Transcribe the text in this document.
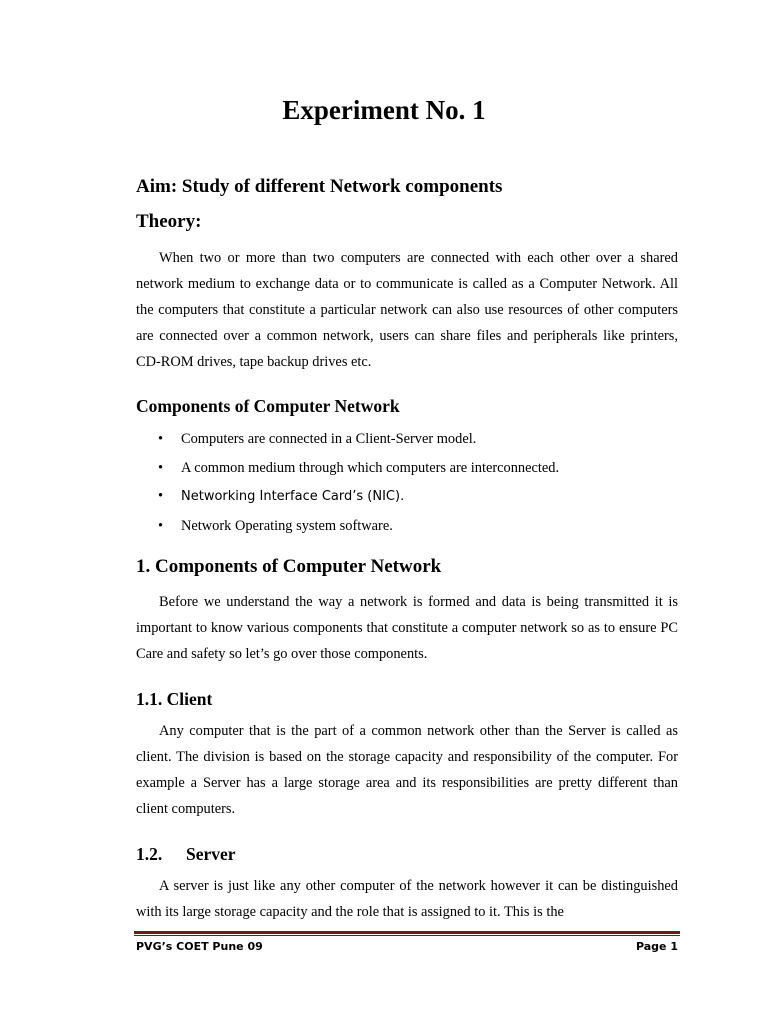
Experiment No. 1
Aim: Study of different Network components
Theory:
When two or more than two computers are connected with each other over a shared network medium to exchange data or to communicate is called as a Computer Network. All the computers that constitute a particular network can also use resources of other computers are connected over a common network, users can share files and peripherals like printers, CD-ROM drives, tape backup drives etc.
Components of Computer Network
• Computers are connected in a Client-Server model.
• A common medium through which computers are interconnected.
• Networking Interface Card’s (NIC).
• Network Operating system software.
1. Components of Computer Network
Before we understand the way a network is formed and data is being transmitted it is important to know various components that constitute a computer network so as to ensure PC Care and safety so let’s go over those components.
1.1. Client
Any computer that is the part of a common network other than the Server is called as client. The division is based on the storage capacity and responsibility of the computer. For example a Server has a large storage area and its responsibilities are pretty different than client computers.
1.2. Server
A server is just like any other computer of the network however it can be distinguished with its large storage capacity and the role that is assigned to it. This is the
PVG’s COET Pune 09	Page 1
